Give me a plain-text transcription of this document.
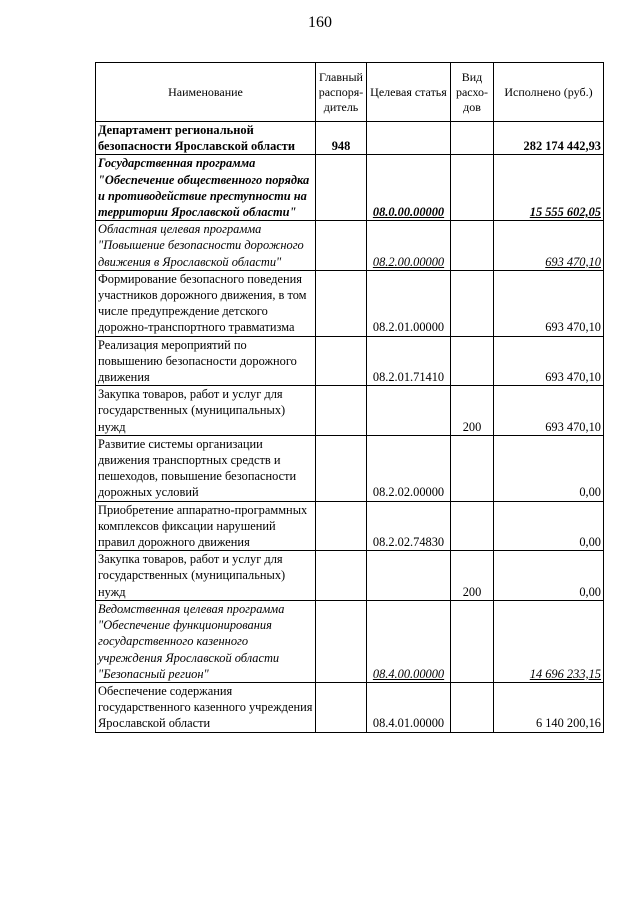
160
Наименование	Главный распоря-дитель	Целевая статья	Вид расхо-дов	Исполнено (руб.)
Департамент региональной безопасности Ярославской области	948			282 174 442,93
Государственная программа "Обеспечение общественного порядка и противодействие преступности на территории Ярославской области"		08.0.00.00000		15 555 602,05
Областная целевая программа "Повышение безопасности дорожного движения в Ярославской области"		08.2.00.00000		693 470,10
Формирование безопасного поведения участников дорожного движения, в том числе предупреждение детского дорожно-транспортного травматизма		08.2.01.00000		693 470,10
Реализация мероприятий по повышению безопасности дорожного движения		08.2.01.71410		693 470,10
Закупка товаров, работ и услуг для государственных (муниципальных) нужд			200	693 470,10
Развитие системы организации движения транспортных средств и пешеходов, повышение безопасности дорожных условий		08.2.02.00000		0,00
Приобретение аппаратно-программных комплексов фиксации нарушений правил дорожного движения		08.2.02.74830		0,00
Закупка товаров, работ и услуг для государственных (муниципальных) нужд			200	0,00
Ведомственная целевая программа "Обеспечение функционирования государственного казенного учреждения Ярославской области "Безопасный регион"		08.4.00.00000		14 696 233,15
Обеспечение содержания государственного казенного учреждения Ярославской области		08.4.01.00000		6 140 200,16
